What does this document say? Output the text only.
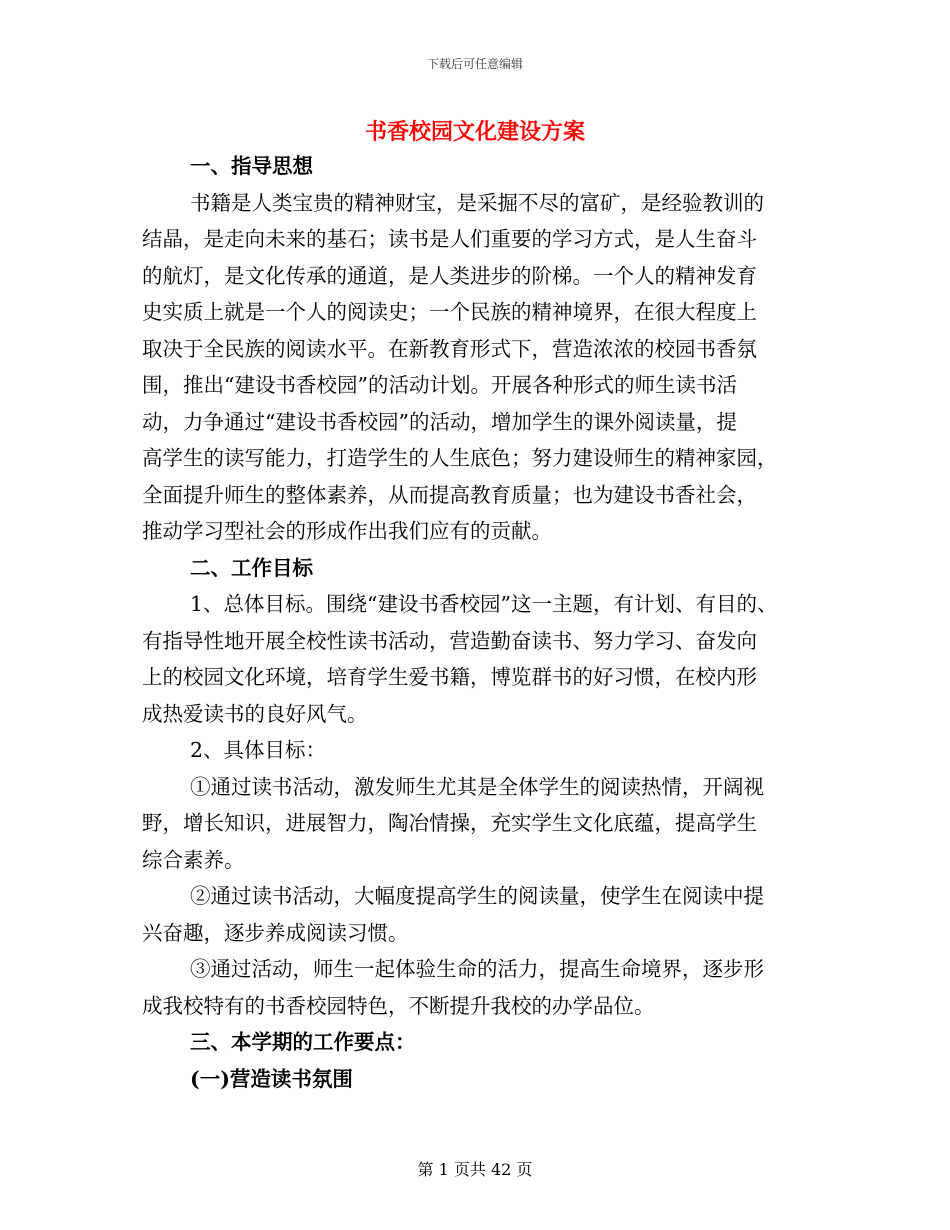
下载后可任意编辑
书香校园文化建设方案
一、指导思想
书籍是人类宝贵的精神财宝，是采掘不尽的富矿，是经验教训的
结晶，是走向未来的基石；读书是人们重要的学习方式，是人生奋斗
的航灯，是文化传承的通道，是人类进步的阶梯。一个人的精神发育
史实质上就是一个人的阅读史；一个民族的精神境界，在很大程度上
取决于全民族的阅读水平。在新教育形式下，营造浓浓的校园书香氛
围，推出“建设书香校园”的活动计划。开展各种形式的师生读书活
动，力争通过“建设书香校园”的活动，增加学生的课外阅读量，提
高学生的读写能力，打造学生的人生底色；努力建设师生的精神家园，
全面提升师生的整体素养，从而提高教育质量；也为建设书香社会，
推动学习型社会的形成作出我们应有的贡献。
二、工作目标
1、总体目标。围绕“建设书香校园”这一主题，有计划、有目的、
有指导性地开展全校性读书活动，营造勤奋读书、努力学习、奋发向
上的校园文化环境，培育学生爱书籍，博览群书的好习惯，在校内形
成热爱读书的良好风气。
2、具体目标：
①通过读书活动，激发师生尤其是全体学生的阅读热情，开阔视
野，增长知识，进展智力，陶冶情操，充实学生文化底蕴，提高学生
综合素养。
②通过读书活动，大幅度提高学生的阅读量，使学生在阅读中提
兴奋趣，逐步养成阅读习惯。
③通过活动，师生一起体验生命的活力，提高生命境界，逐步形
成我校特有的书香校园特色，不断提升我校的办学品位。
三、本学期的工作要点：
(一)营造读书氛围
第 1 页共 42 页
